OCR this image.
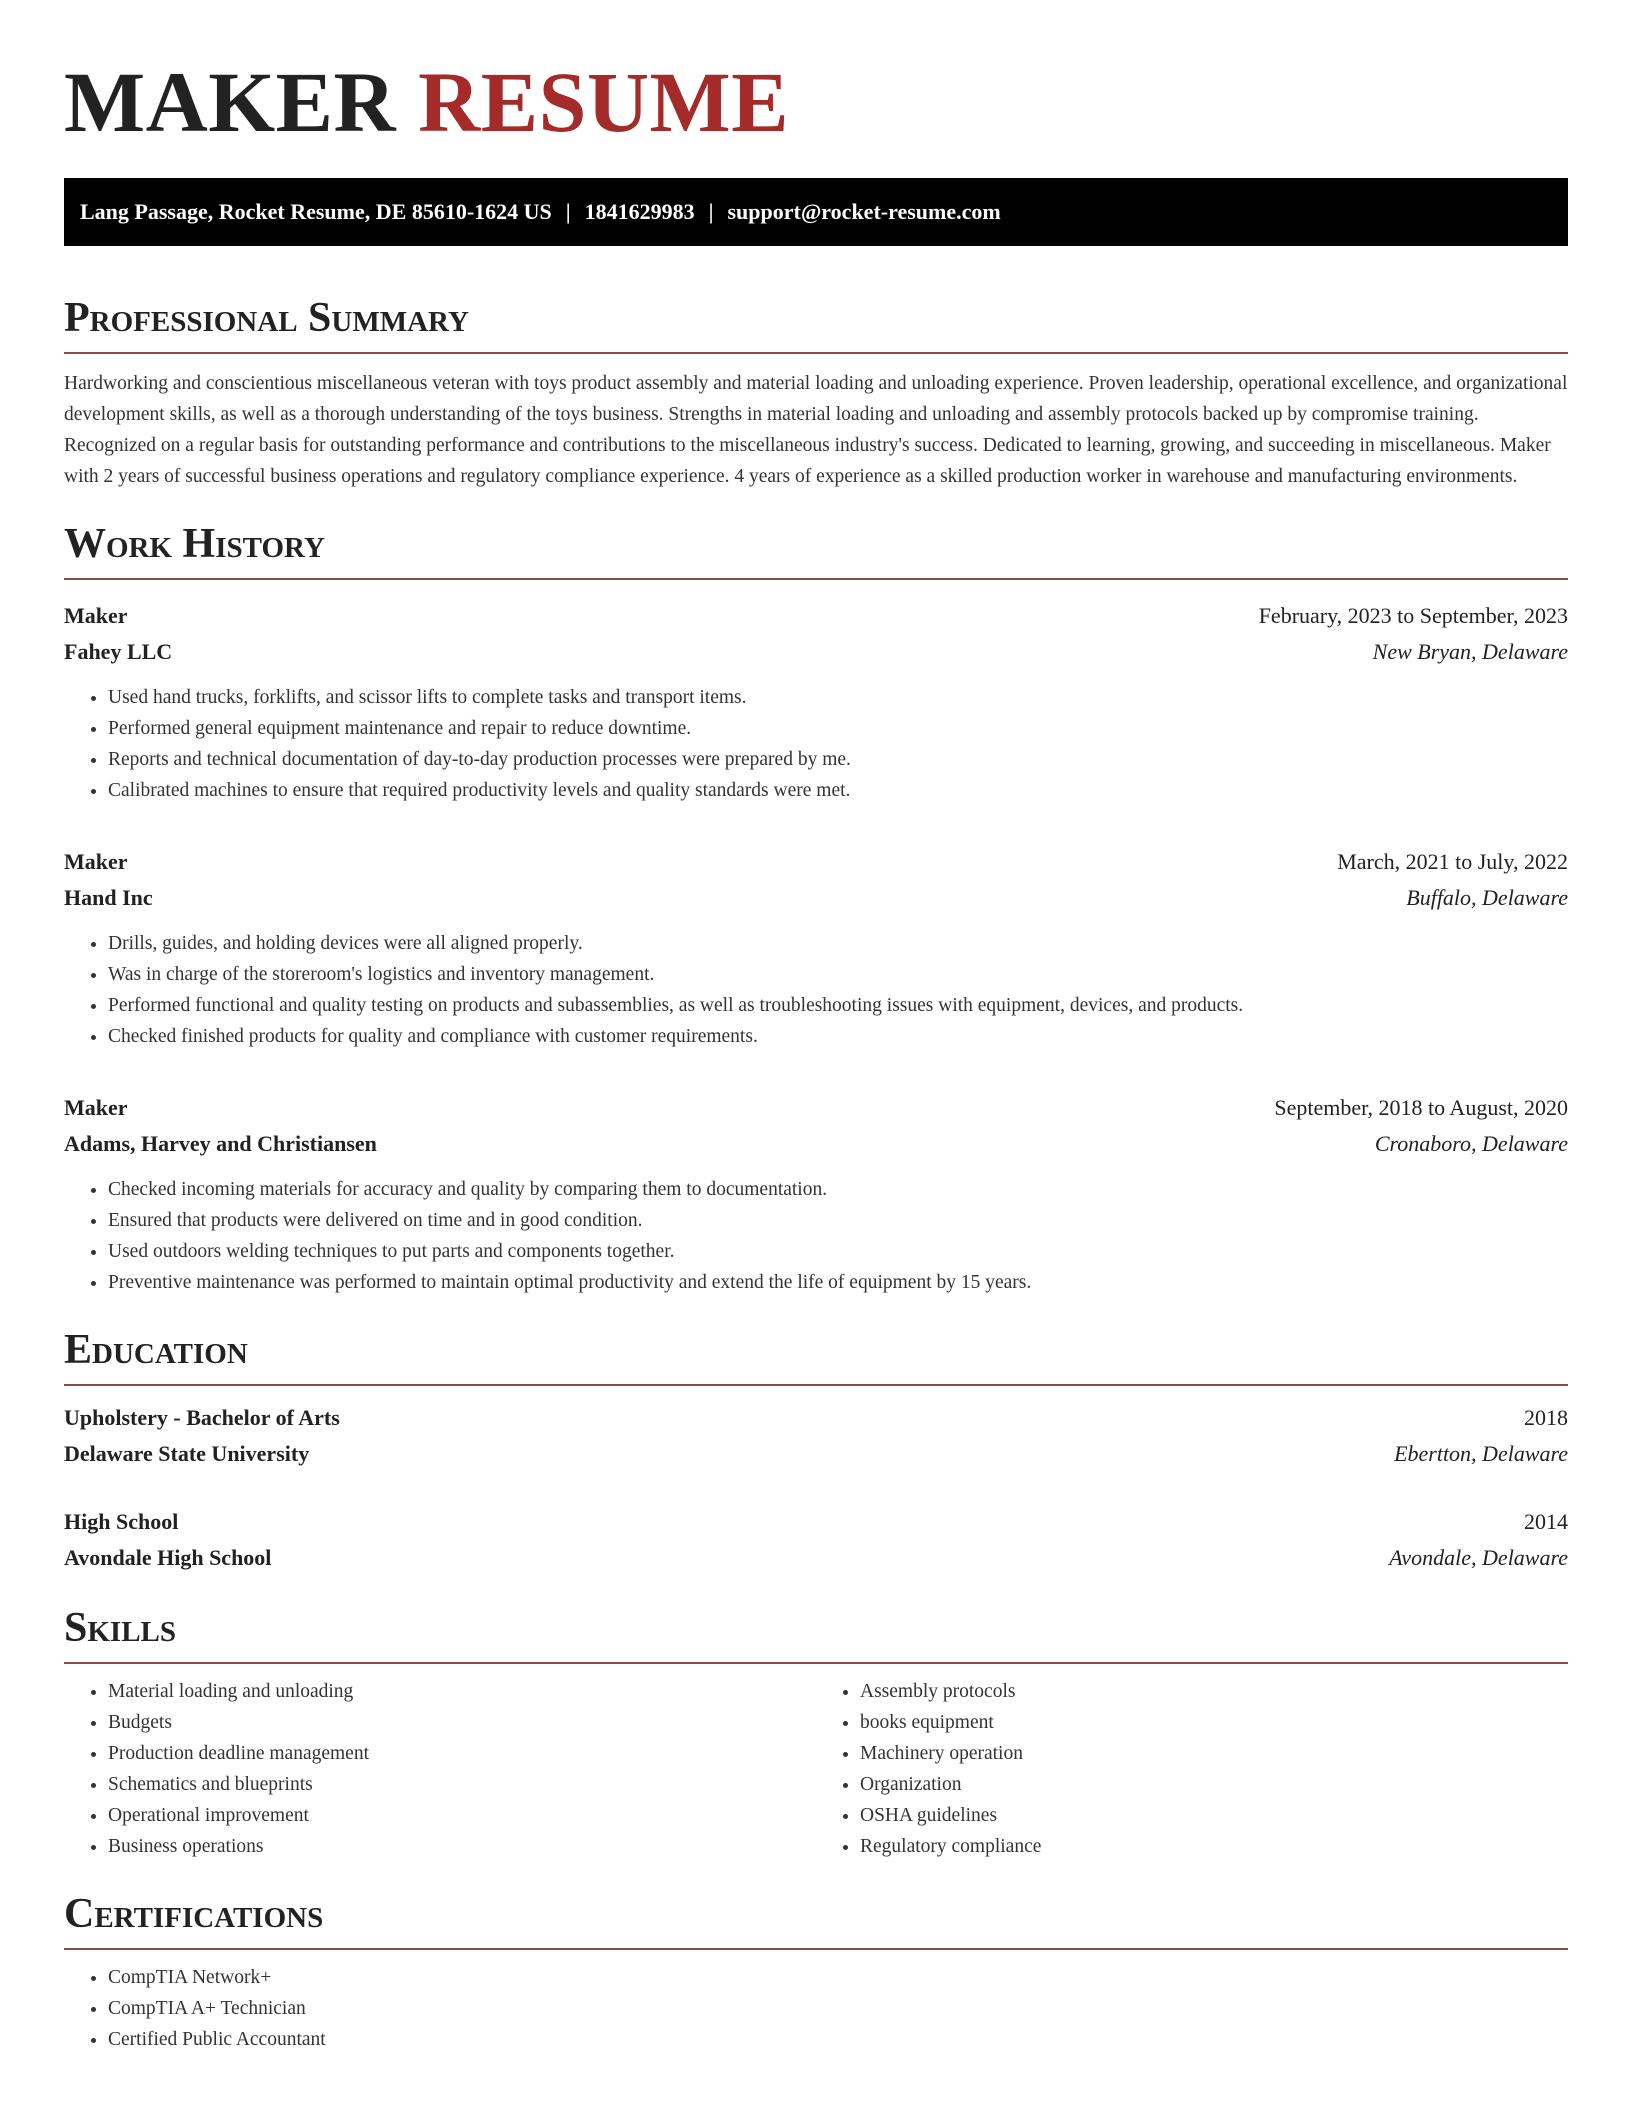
MAKER RESUME
Lang Passage, Rocket Resume, DE 85610-1624 US | 1841629983 | support@rocket-resume.com
Professional Summary

Hardworking and conscientious miscellaneous veteran with toys product assembly and material loading and unloading experience. Proven leadership, operational excellence, and organizational development skills, as well as a thorough understanding of the toys business. Strengths in material loading and unloading and assembly protocols backed up by compromise training. Recognized on a regular basis for outstanding performance and contributions to the miscellaneous industry's success. Dedicated to learning, growing, and succeeding in miscellaneous. Maker with 2 years of successful business operations and regulatory compliance experience. 4 years of experience as a skilled production worker in warehouse and manufacturing environments.

Work History
Maker	February, 2023 to September, 2023
Fahey LLC	New Bryan, Delaware
• Used hand trucks, forklifts, and scissor lifts to complete tasks and transport items.
• Performed general equipment maintenance and repair to reduce downtime.
• Reports and technical documentation of day-to-day production processes were prepared by me.
• Calibrated machines to ensure that required productivity levels and quality standards were met.
Maker	March, 2021 to July, 2022
Hand Inc	Buffalo, Delaware
• Drills, guides, and holding devices were all aligned properly.
• Was in charge of the storeroom's logistics and inventory management.
• Performed functional and quality testing on products and subassemblies, as well as troubleshooting issues with equipment, devices, and products.
• Checked finished products for quality and compliance with customer requirements.
Maker	September, 2018 to August, 2020
Adams, Harvey and Christiansen	Cronaboro, Delaware
• Checked incoming materials for accuracy and quality by comparing them to documentation.
• Ensured that products were delivered on time and in good condition.
• Used outdoors welding techniques to put parts and components together.
• Preventive maintenance was performed to maintain optimal productivity and extend the life of equipment by 15 years.
Education
Upholstery - Bachelor of Arts	2018
Delaware State University	Ebertton, Delaware
High School	2014
Avondale High School	Avondale, Delaware
Skills
• Material loading and unloading
• Budgets
• Production deadline management
• Schematics and blueprints
• Operational improvement
• Business operations
• Assembly protocols
• books equipment
• Machinery operation
• Organization
• OSHA guidelines
• Regulatory compliance
Certifications
• CompTIA Network+
• CompTIA A+ Technician
• Certified Public Accountant
